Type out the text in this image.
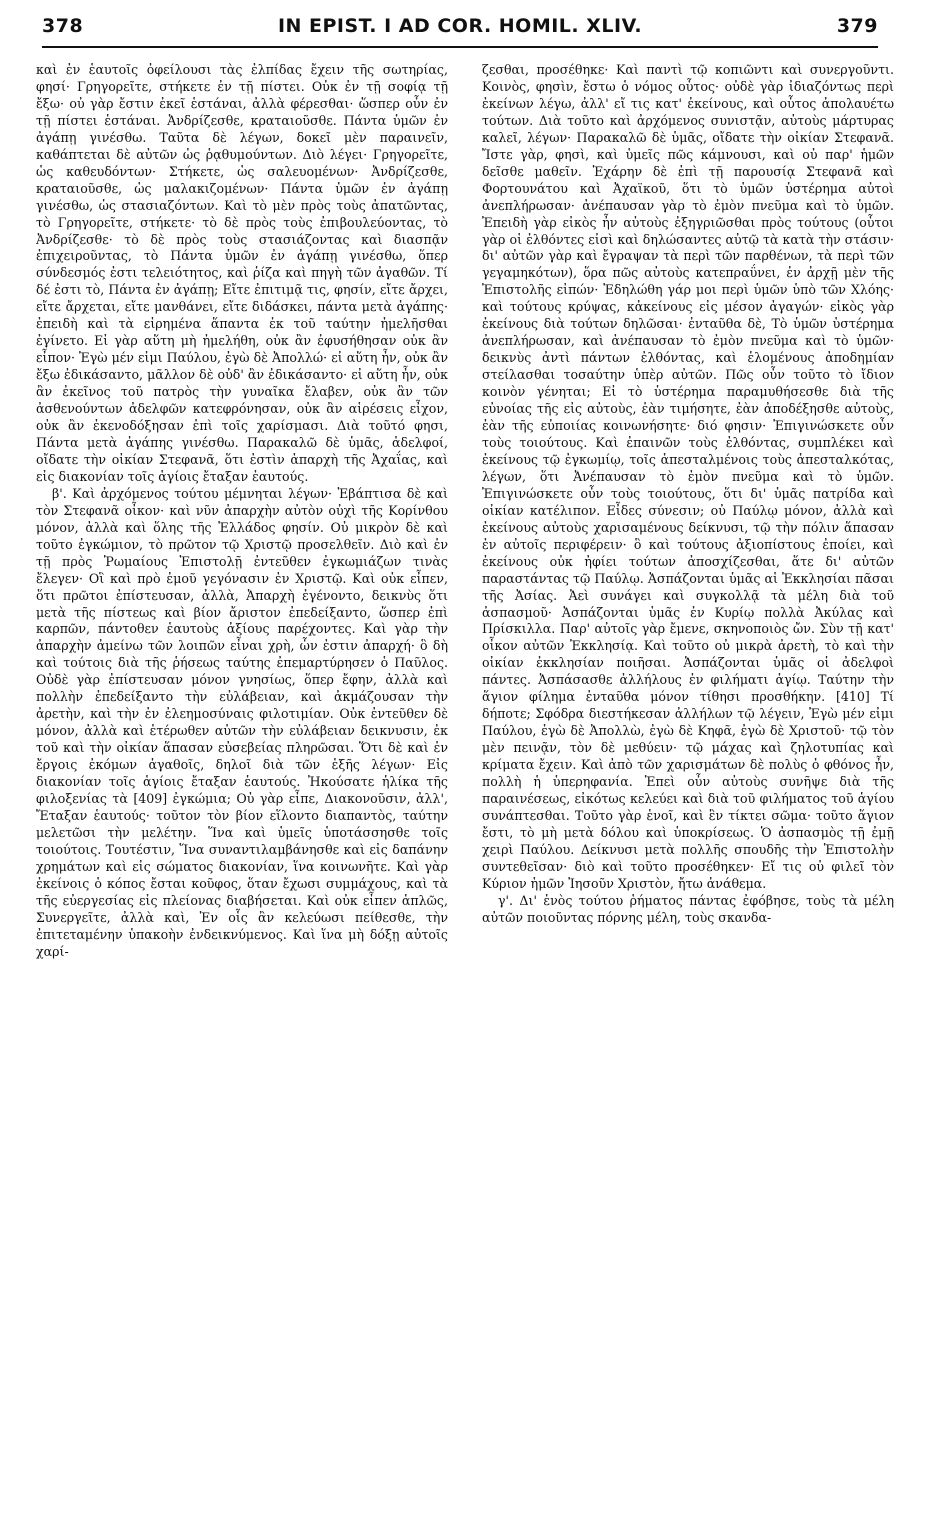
378	IN EPIST. I AD COR. HOMIL. XLIV.	379

καὶ ἐν ἑαυτοῖς ὀφείλουσι τὰς ἐλπίδας ἔχειν τῆς σωτηρίας, φησί· Γρηγορεῖτε, στήκετε ἐν τῇ πίστει. Οὐκ ἐν τῇ σοφίᾳ τῇ ἔξω· οὐ γὰρ ἔστιν ἐκεῖ ἑστάναι, ἀλλὰ φέρεσθαι· ὥσπερ οὖν ἐν τῇ πίστει ἑστάναι. Ἀνδρίζεσθε, κραταιοῦσθε. Πάντα ὑμῶν ἐν ἀγάπῃ γινέσθω. Ταῦτα δὲ λέγων, δοκεῖ μὲν παραινεῖν, καθάπτεται δὲ αὐτῶν ὡς ῥᾳθυμούντων. Διὸ λέγει· Γρηγορεῖτε, ὡς καθευδόντων· Στήκετε, ὡς σαλευομένων· Ἀνδρίζεσθε, κραταιοῦσθε, ὡς μαλακιζομένων· Πάντα ὑμῶν ἐν ἀγάπῃ γινέσθω, ὡς στασιαζόντων. Καὶ τὸ μὲν πρὸς τοὺς ἀπατῶντας, τὸ Γρηγορεῖτε, στήκετε· τὸ δὲ πρὸς τοὺς ἐπιβουλεύοντας, τὸ Ἀνδρίζεσθε· τὸ δὲ πρὸς τοὺς στασιάζοντας καὶ διασπᾷν ἐπιχειροῦντας, τὸ Πάντα ὑμῶν ἐν ἀγάπῃ γινέσθω, ὅπερ σύνδεσμός ἐστι τελειότητος, καὶ ῥίζα καὶ πηγὴ τῶν ἀγαθῶν. Τί δέ ἐστι τὸ, Πάντα ἐν ἀγάπῃ; Εἴτε ἐπιτιμᾷ τις, φησίν, εἴτε ἄρχει, εἴτε ἄρχεται, εἴτε μανθάνει, εἴτε διδάσκει, πάντα μετὰ ἀγάπης· ἐπειδὴ καὶ τὰ εἰρημένα ἅπαντα ἐκ τοῦ ταύτην ἠμελῆσθαι ἐγίνετο. Εἰ γὰρ αὕτη μὴ ἠμελήθη, οὐκ ἂν ἐφυσήθησαν οὐκ ἂν εἶπον· Ἐγὼ μέν εἰμι Παύλου, ἐγὼ δὲ Ἀπολλώ· εἰ αὕτη ἦν, οὐκ ἂν ἔξω ἐδικάσαντο, μᾶλλον δὲ οὐδ' ἂν ἐδικάσαντο· εἰ αὕτη ἦν, οὐκ ἂν ἐκεῖνος τοῦ πατρὸς τὴν γυναῖκα ἔλαβεν, οὐκ ἂν τῶν ἀσθενούντων ἀδελφῶν κατεφρόνησαν, οὐκ ἂν αἱρέσεις εἶχον, οὐκ ἂν ἐκενοδόξησαν ἐπὶ τοῖς χαρίσμασι. Διὰ τοῦτό φησι, Πάντα μετὰ ἀγάπης γινέσθω. Παρακαλῶ δὲ ὑμᾶς, ἀδελφοί, οἴδατε τὴν οἰκίαν Στεφανᾶ, ὅτι ἐστὶν ἀπαρχὴ τῆς Ἀχαΐας, καὶ εἰς διακονίαν τοῖς ἁγίοις ἔταξαν ἑαυτούς.

β'. Καὶ ἀρχόμενος τούτου μέμνηται λέγων· Ἐβάπτισα δὲ καὶ τὸν Στεφανᾶ οἶκον· καὶ νῦν ἀπαρχὴν αὐτὸν οὐχὶ τῆς Κορίνθου μόνον, ἀλλὰ καὶ ὅλης τῆς Ἑλλάδος φησίν. Οὐ μικρὸν δὲ καὶ τοῦτο ἐγκώμιον, τὸ πρῶτον τῷ Χριστῷ προσελθεῖν. Διὸ καὶ ἐν τῇ πρὸς Ῥωμαίους Ἐπιστολῇ ἐντεῦθεν ἐγκωμιάζων τινὰς ἔλεγεν· Οἳ καὶ πρὸ ἐμοῦ γεγόνασιν ἐν Χριστῷ. Καὶ οὐκ εἶπεν, ὅτι πρῶτοι ἐπίστευσαν, ἀλλὰ, Ἀπαρχὴ ἐγένοντο, δεικνὺς ὅτι μετὰ τῆς πίστεως καὶ βίον ἄριστον ἐπεδείξαντο, ὥσπερ ἐπὶ καρπῶν, πάντοθεν ἑαυτοὺς ἀξίους παρέχοντες. Καὶ γὰρ τὴν ἀπαρχὴν ἀμείνω τῶν λοιπῶν εἶναι χρὴ, ὧν ἐστιν ἀπαρχή· ὃ δὴ καὶ τούτοις διὰ τῆς ῥήσεως ταύτης ἐπεμαρτύρησεν ὁ Παῦλος. Οὐδὲ γὰρ ἐπίστευσαν μόνον γνησίως, ὅπερ ἔφην, ἀλλὰ καὶ πολλὴν ἐπεδείξαντο τὴν εὐλάβειαν, καὶ ἀκμάζουσαν τὴν ἀρετὴν, καὶ τὴν ἐν ἐλεημοσύναις φιλοτιμίαν. Οὐκ ἐντεῦθεν δὲ μόνον, ἀλλὰ καὶ ἑτέρωθεν αὐτῶν τὴν εὐλάβειαν δεικνυσιν, ἐκ τοῦ καὶ τὴν οἰκίαν ἅπασαν εὐσεβείας πληρῶσαι. Ὅτι δὲ καὶ ἐν ἔργοις ἐκόμων ἀγαθοῖς, δηλοῖ διὰ τῶν ἑξῆς λέγων· Εἰς διακονίαν τοῖς ἁγίοις ἔταξαν ἑαυτούς. Ἠκούσατε ἡλίκα τῆς φιλοξενίας τὰ [409] ἐγκώμια; Οὐ γὰρ εἶπε, Διακονοῦσιν, ἀλλ', Ἔταξαν ἑαυτούς· τοῦτον τὸν βίον εἵλοντο διαπαντὸς, ταύτην μελετῶσι τὴν μελέτην. Ἵνα καὶ ὑμεῖς ὑποτάσσησθε τοῖς τοιούτοις. Τουτέστιν, Ἵνα συναντιλαμβάνησθε καὶ εἰς δαπάνην χρημάτων καὶ εἰς σώματος διακονίαν, ἵνα κοινωνῆτε. Καὶ γὰρ ἐκείνοις ὁ κόπος ἔσται κοῦφος, ὅταν ἔχωσι συμμάχους, καὶ τὰ τῆς εὐεργεσίας εἰς πλείονας διαβήσεται. Καὶ οὐκ εἶπεν ἁπλῶς, Συνεργεῖτε, ἀλλὰ καὶ, Ἐν οἷς ἂν κελεύωσι πείθεσθε, τὴν ἐπιτεταμένην ὑπακοὴν ἐνδεικνύμενος. Καὶ ἵνα μὴ δόξῃ αὐτοῖς χαρί-

ζεσθαι, προσέθηκε· Καὶ παντὶ τῷ κοπιῶντι καὶ συνεργοῦντι. Κοινὸς, φησὶν, ἔστω ὁ νόμος οὗτος· οὐδὲ γὰρ ἰδιαζόντως περὶ ἐκείνων λέγω, ἀλλ' εἴ τις κατ' ἐκείνους, καὶ οὗτος ἀπολαυέτω τούτων. Διὰ τοῦτο καὶ ἀρχόμενος συνιστᾷν, αὐτοὺς μάρτυρας καλεῖ, λέγων· Παρακαλῶ δὲ ὑμᾶς, οἴδατε τὴν οἰκίαν Στεφανᾶ. Ἴστε γὰρ, φησὶ, καὶ ὑμεῖς πῶς κάμνουσι, καὶ οὐ παρ' ἡμῶν δεῖσθε μαθεῖν. Ἐχάρην δὲ ἐπὶ τῇ παρουσίᾳ Στεφανᾶ καὶ Φορτουνάτου καὶ Ἀχαϊκοῦ, ὅτι τὸ ὑμῶν ὑστέρημα αὐτοὶ ἀνεπλήρωσαν· ἀνέπαυσαν γὰρ τὸ ἐμὸν πνεῦμα καὶ τὸ ὑμῶν. Ἐπειδὴ γὰρ εἰκὸς ἦν αὐτοὺς ἐξηγριῶσθαι πρὸς τούτους (οὗτοι γὰρ οἱ ἐλθόντες εἰσὶ καὶ δηλώσαντες αὐτῷ τὰ κατὰ τὴν στάσιν· δι' αὐτῶν γὰρ καὶ ἔγραψαν τὰ περὶ τῶν παρθένων, τὰ περὶ τῶν γεγαμηκότων), ὅρα πῶς αὐτοὺς κατεπραΰνει, ἐν ἀρχῇ μὲν τῆς Ἐπιστολῆς εἰπών· Ἐδηλώθη γάρ μοι περὶ ὑμῶν ὑπὸ τῶν Χλόης· καὶ τούτους κρύψας, κἀκείνους εἰς μέσον ἀγαγών· εἰκὸς γὰρ ἐκείνους διὰ τούτων δηλῶσαι· ἐνταῦθα δὲ, Τὸ ὑμῶν ὑστέρημα ἀνεπλήρωσαν, καὶ ἀνέπαυσαν τὸ ἐμὸν πνεῦμα καὶ τὸ ὑμῶν· δεικνὺς ἀντὶ πάντων ἐλθόντας, καὶ ἑλομένους ἀποδημίαν στείλασθαι τοσαύτην ὑπὲρ αὐτῶν. Πῶς οὖν τοῦτο τὸ ἴδιον κοινὸν γένηται; Εἰ τὸ ὑστέρημα παραμυθήσεσθε διὰ τῆς εὐνοίας τῆς εἰς αὐτοὺς, ἐὰν τιμήσητε, ἐὰν ἀποδέξησθε αὐτοὺς, ἐὰν τῆς εὐποιίας κοινωνήσητε· διό φησιν· Ἐπιγινώσκετε οὖν τοὺς τοιούτους. Καὶ ἐπαινῶν τοὺς ἐλθόντας, συμπλέκει καὶ ἐκείνους τῷ ἐγκωμίῳ, τοῖς ἀπεσταλμένοις τοὺς ἀπεσταλκότας, λέγων, ὅτι Ἀνέπαυσαν τὸ ἐμὸν πνεῦμα καὶ τὸ ὑμῶν. Ἐπιγινώσκετε οὖν τοὺς τοιούτους, ὅτι δι' ὑμᾶς πατρίδα καὶ οἰκίαν κατέλιπον. Εἶδες σύνεσιν; οὐ Παύλῳ μόνον, ἀλλὰ καὶ ἐκείνους αὐτοὺς χαρισαμένους δείκνυσι, τῷ τὴν πόλιν ἅπασαν ἐν αὐτοῖς περιφέρειν· ὃ καὶ τούτους ἀξιοπίστους ἐποίει, καὶ ἐκείνους οὐκ ἠφίει τούτων ἀποσχίζεσθαι, ἅτε δι' αὐτῶν παραστάντας τῷ Παύλῳ. Ἀσπάζονται ὑμᾶς αἱ Ἐκκλησίαι πᾶσαι τῆς Ἀσίας. Ἀεὶ συνάγει καὶ συγκολλᾷ τὰ μέλη διὰ τοῦ ἀσπασμοῦ· Ἀσπάζονται ὑμᾶς ἐν Κυρίῳ πολλὰ Ἀκύλας καὶ Πρίσκιλλα. Παρ' αὐτοῖς γὰρ ἔμενε, σκηνοποιὸς ὤν. Σὺν τῇ κατ' οἶκον αὐτῶν Ἐκκλησίᾳ. Καὶ τοῦτο οὐ μικρὰ ἀρετὴ, τὸ καὶ τὴν οἰκίαν ἐκκλησίαν ποιῆσαι. Ἀσπάζονται ὑμᾶς οἱ ἀδελφοὶ πάντες. Ἀσπάσασθε ἀλλήλους ἐν φιλήματι ἁγίῳ. Ταύτην τὴν ἅγιον φίλημα ἐνταῦθα μόνον τίθησι προσθήκην. [410] Τί δήποτε; Σφόδρα διεστήκεσαν ἀλλήλων τῷ λέγειν, Ἐγὼ μέν εἰμι Παύλου, ἐγὼ δὲ Ἀπολλὼ, ἐγὼ δὲ Κηφᾶ, ἐγὼ δὲ Χριστοῦ· τῷ τὸν μὲν πεινᾷν, τὸν δὲ μεθύειν· τῷ μάχας καὶ ζηλοτυπίας καὶ κρίματα ἔχειν. Καὶ ἀπὸ τῶν χαρισμάτων δὲ πολὺς ὁ φθόνος ἦν, πολλὴ ἡ ὑπερηφανία. Ἐπεὶ οὖν αὐτοὺς συνῆψε διὰ τῆς παραινέσεως, εἰκότως κελεύει καὶ διὰ τοῦ φιλήματος τοῦ ἁγίου συνάπτεσθαι. Τοῦτο γὰρ ἑνοῖ, καὶ ἓν τίκτει σῶμα· τοῦτο ἅγιον ἔστι, τὸ μὴ μετὰ δόλου καὶ ὑποκρίσεως. Ὁ ἀσπασμὸς τῇ ἐμῇ χειρὶ Παύλου. Δείκνυσι μετὰ πολλῆς σπουδῆς τὴν Ἐπιστολὴν συντεθεῖσαν· διὸ καὶ τοῦτο προσέθηκεν· Εἴ τις οὐ φιλεῖ τὸν Κύριον ἡμῶν Ἰησοῦν Χριστὸν, ἤτω ἀνάθεμα.

γ'. Δι' ἑνὸς τούτου ῥήματος πάντας ἐφόβησε, τοὺς τὰ μέλη αὐτῶν ποιοῦντας πόρνης μέλη, τοὺς σκανδα-
